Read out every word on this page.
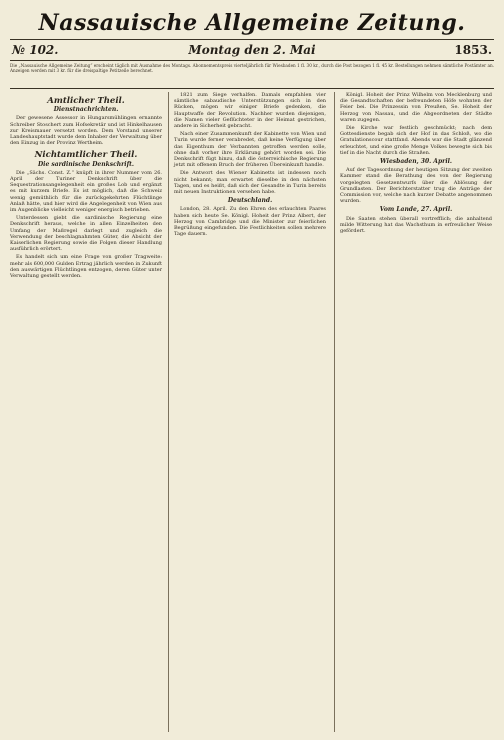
Nassauische Allgemeine Zeitung.
№ 102.	Montag den 2. Mai	1853.
Die „Nassauische Allgemeine Zeitung“ erscheint täglich mit Ausnahme des Montags. Abonnementspreis vierteljährlich für Wiesbaden 1 fl. 30 kr., durch die Post bezogen 1 fl. 45 kr. Bestellungen nehmen sämtliche Postämter an. Anzeigen werden mit 3 kr. für die dreispaltige Petitzeile berechnet.
Amtlicher Theil.
Dienstnachrichten.

Der gewesene Assessor in Hungarsmühlingen ernannte Schreiber Stoschert zum Hofsekretär und ist Hinkelhausen zur Kreismauer versetzt worden. Dem Vorstand unserer Landeshauptstadt wurde dem Inhaber der Verwaltung über den Einzug in der Provinz Wertheim.

Nichtamtlicher Theil.
Die sardinische Denkschrift.

Die „Sächs. Const. Z.“ knüpft in ihrer Nummer vom 26. April der Turiner Denkschrift über die Sequestrationsangelegenheit ein großes Lob und ergänzt es mit kurzem Briefe. Es ist möglich, daß die Schweiz wenig gemüthlich für die zurückgekehrten Flüchtlinge Anlaß hätte, und hier wird die Angelegenheit von Wien aus im Augenblicke vielleicht weniger energisch betrieben.

Unterdessen giebt die sardinische Regierung eine Denkschrift heraus, welche in allen Einzelheiten den Umfang der Maßregel darlegt und zugleich die Verwendung der beschlagnahmten Güter, die Absicht der Kaiserlichen Regierung sowie die Folgen dieser Handlung ausführlich erörtert.

Es handelt sich um eine Frage von großer Tragweite: mehr als 600,000 Gulden Ertrag jährlich werden in Zukunft den auswärtigen Flüchtlingen entzogen, deren Güter unter Verwaltung gestellt werden.

1821 zum Siege verhalfen. Damals empfahlen vier sämtliche sabaudische Unterstützungen sich in den Rücken, mögen wir einiger Briefe gedenken, die Hauptwaffe der Revolution. Nachher wurden diejenigen, die Namen vieler Geflüchteter in der Heimat gestrichen, andere in Sicherheit gebracht.

Nach einer Zusammenkunft der Kabinette von Wien und Turin wurde ferner verabredet, daß keine Verfügung über das Eigenthum der Verbannten getroffen werden solle, ohne daß vorher ihre Erklärung gehört worden sei. Die Denkschrift fügt hinzu, daß die österreichische Regierung jetzt mit offenem Bruch der früheren Übereinkunft handle.

Die Antwort des Wiener Kabinetts ist indessen noch nicht bekannt; man erwartet dieselbe in den nächsten Tagen, und es heißt, daß sich der Gesandte in Turin bereits mit neuen Instruktionen versehen habe.

Deutschland.

London, 28. April. Zu den Ehren des erlauchten Paares haben sich heute Se. Königl. Hoheit der Prinz Albert, der Herzog von Cambridge und die Minister zur feierlichen Begrüßung eingefunden. Die Festlichkeiten sollen mehrere Tage dauern.

Königl. Hoheit der Prinz Wilhelm von Mecklenburg und die Gesandtschaften der befreundeten Höfe wohnten der Feier bei. Die Prinzessin von Preußen, Se. Hoheit der Herzog von Nassau, und die Abgeordneten der Städte waren zugegen.

Die Kirche war festlich geschmückt; nach dem Gottesdienste begab sich der Hof in das Schloß, wo die Gratulationscour stattfand. Abends war die Stadt glänzend erleuchtet, und eine große Menge Volkes bewegte sich bis tief in die Nacht durch die Straßen.

Wiesbaden, 30. April.

Auf der Tagesordnung der heutigen Sitzung der zweiten Kammer stand die Berathung des von der Regierung vorgelegten Gesetzentwurfs über die Ablösung der Grundlasten. Der Berichterstatter trug die Anträge der Commission vor, welche nach kurzer Debatte angenommen wurden.

Vom Lande, 27. April.

Die Saaten stehen überall vortrefflich; die anhaltend milde Witterung hat das Wachsthum in erfreulicher Weise gefördert.
